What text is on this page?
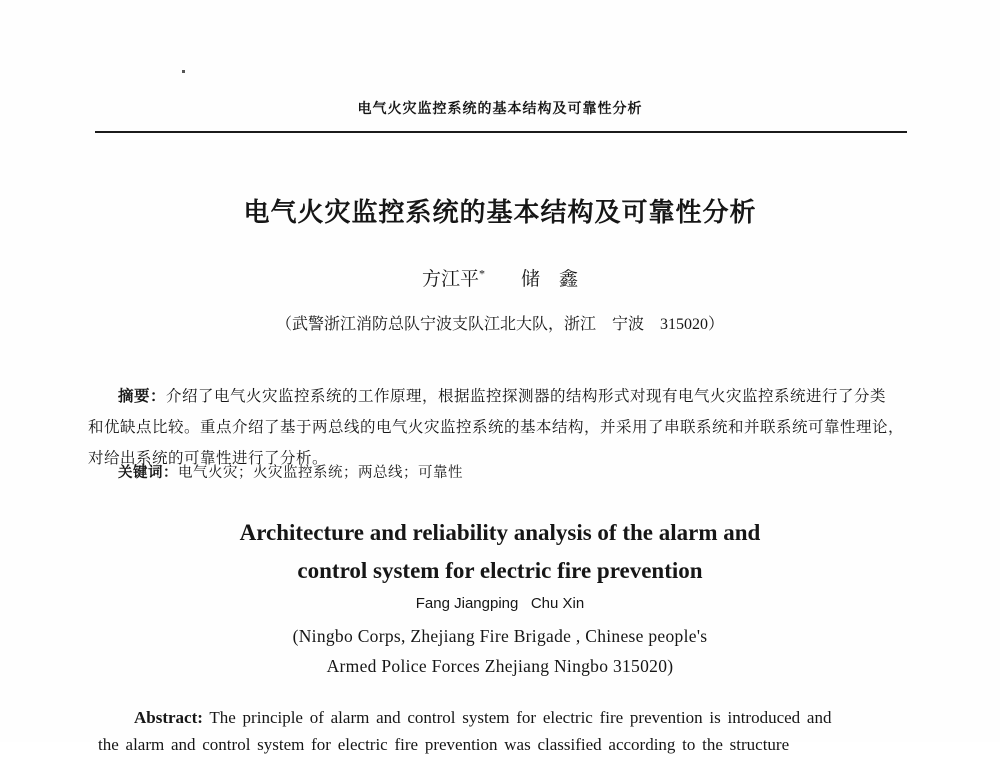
电气火灾监控系统的基本结构及可靠性分析
电气火灾监控系统的基本结构及可靠性分析
方江平* 储　鑫
（武警浙江消防总队宁波支队江北大队，浙江　宁波　315020）
摘要：介绍了电气火灾监控系统的工作原理，根据监控探测器的结构形式对现有电气火灾监控系统进行了分类
和优缺点比较。重点介绍了基于两总线的电气火灾监控系统的基本结构，并采用了串联系统和并联系统可靠性理论，
对给出系统的可靠性进行了分析。
关键词：电气火灾；火灾监控系统；两总线；可靠性
Architecture and reliability analysis of the alarm and
control system for electric fire prevention
Fang Jiangping   Chu Xin
(Ningbo Corps, Zhejiang Fire Brigade , Chinese people's
Armed Police Forces Zhejiang Ningbo 315020)
Abstract: The principle of alarm and control system for electric fire prevention is introduced and
the alarm and control system for electric fire prevention was classified according to the structure
